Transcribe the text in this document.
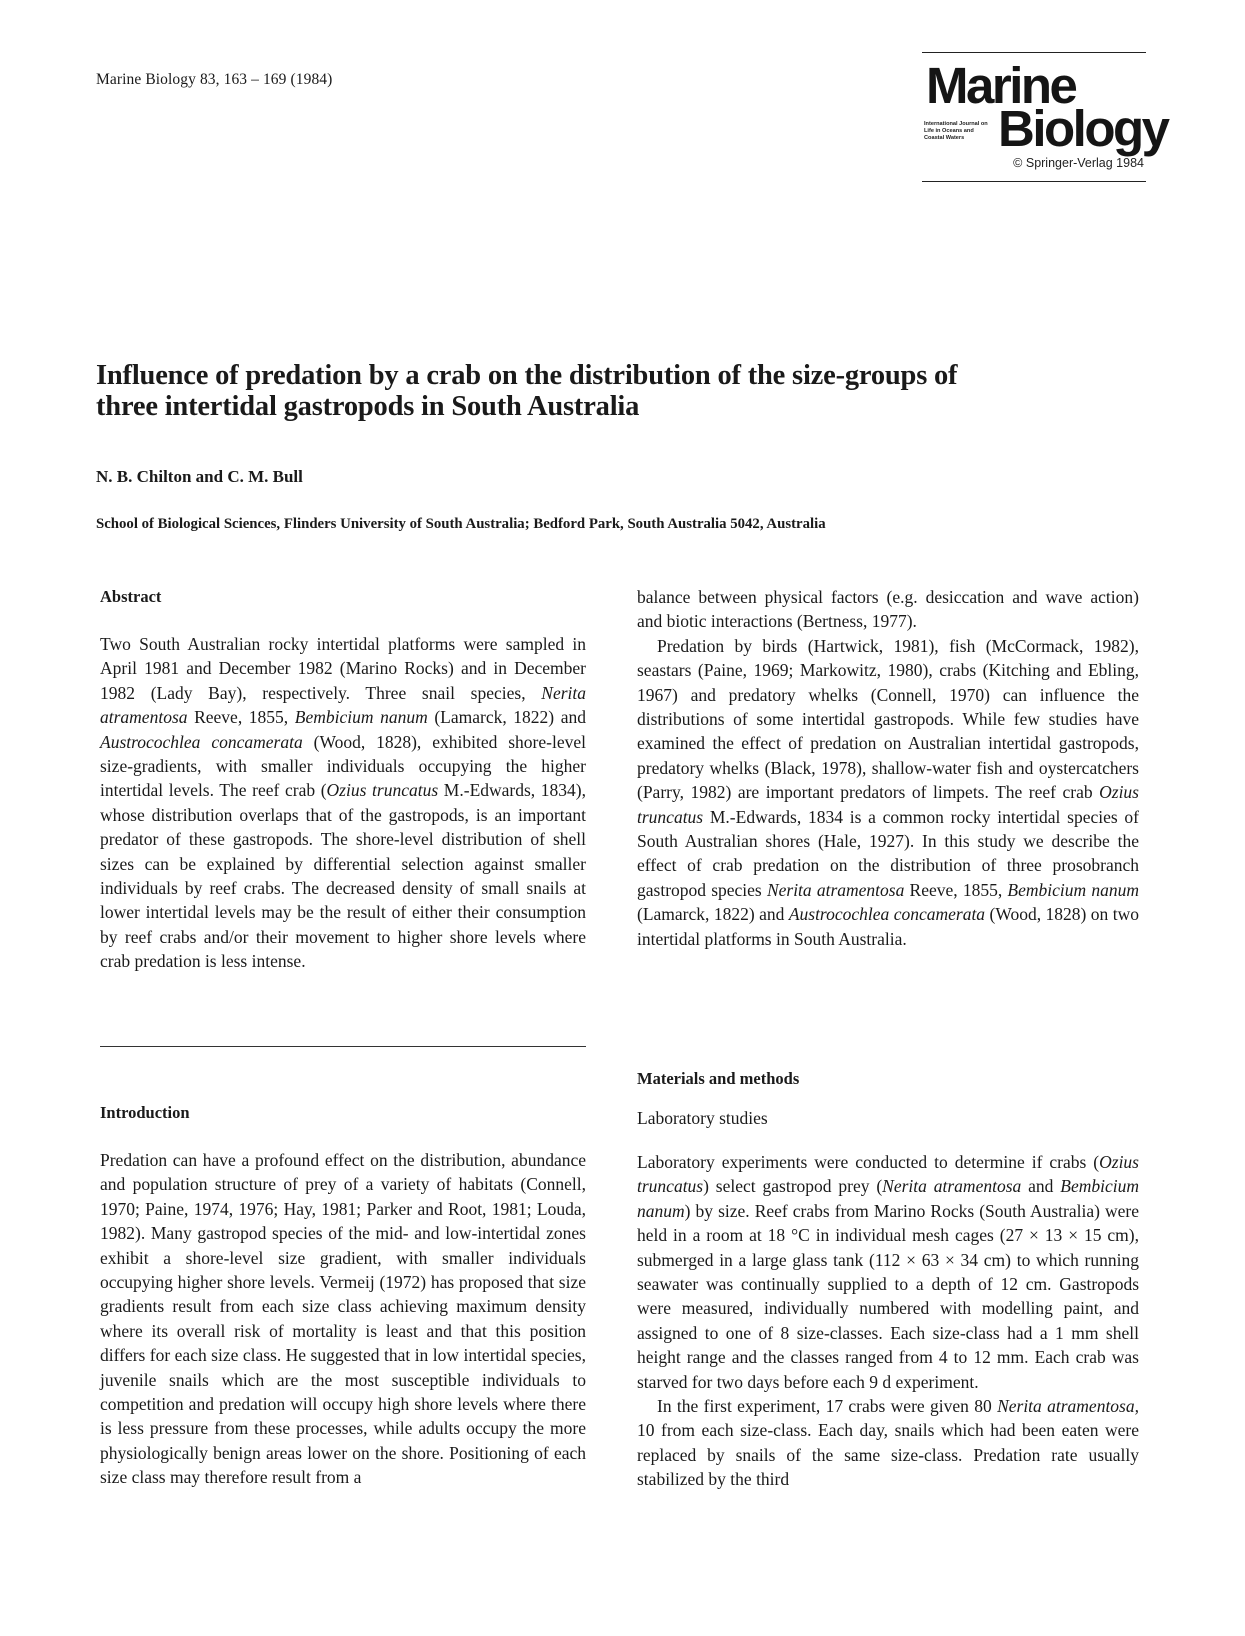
Marine Biology 83, 163 – 169 (1984)	Marine
International Journal on Life in Oceans and Coastal Waters Biology
© Springer-Verlag 1984
Influence of predation by a crab on the distribution of the size-groups of three intertidal gastropods in South Australia

N. B. Chilton and C. M. Bull

School of Biological Sciences, Flinders University of South Australia; Bedford Park, South Australia 5042, Australia

Abstract

Two South Australian rocky intertidal platforms were sampled in April 1981 and December 1982 (Marino Rocks) and in December 1982 (Lady Bay), respectively. Three snail species, Nerita atramentosa Reeve, 1855, Bembicium nanum (Lamarck, 1822) and Austrocochlea concamerata (Wood, 1828), exhibited shore-level size-gradients, with smaller individuals occupying the higher intertidal levels. The reef crab (Ozius truncatus M.-Edwards, 1834), whose distribution overlaps that of the gastropods, is an important predator of these gastropods. The shore-level distribution of shell sizes can be explained by differential selection against smaller individuals by reef crabs. The decreased density of small snails at lower intertidal levels may be the result of either their consumption by reef crabs and/or their movement to higher shore levels where crab predation is less intense.

Introduction

Predation can have a profound effect on the distribution, abundance and population structure of prey of a variety of habitats (Connell, 1970; Paine, 1974, 1976; Hay, 1981; Parker and Root, 1981; Louda, 1982). Many gastropod species of the mid- and low-intertidal zones exhibit a shore-level size gradient, with smaller individuals occupying higher shore levels. Vermeij (1972) has proposed that size gradients result from each size class achieving maximum density where its overall risk of mortality is least and that this position differs for each size class. He suggested that in low intertidal species, juvenile snails which are the most susceptible individuals to competition and predation will occupy high shore levels where there is less pressure from these processes, while adults occupy the more physiologically benign areas lower on the shore. Positioning of each size class may therefore result from a

balance between physical factors (e.g. desiccation and wave action) and biotic interactions (Bertness, 1977).

Predation by birds (Hartwick, 1981), fish (McCormack, 1982), seastars (Paine, 1969; Markowitz, 1980), crabs (Kitching and Ebling, 1967) and predatory whelks (Connell, 1970) can influence the distributions of some intertidal gastropods. While few studies have examined the effect of predation on Australian intertidal gastropods, predatory whelks (Black, 1978), shallow-water fish and oystercatchers (Parry, 1982) are important predators of limpets. The reef crab Ozius truncatus M.-Edwards, 1834 is a common rocky intertidal species of South Australian shores (Hale, 1927). In this study we describe the effect of crab predation on the distribution of three prosobranch gastropod species Nerita atramentosa Reeve, 1855, Bembicium nanum (Lamarck, 1822) and Austrocochlea concamerata (Wood, 1828) on two intertidal platforms in South Australia.

Materials and methods

Laboratory studies

Laboratory experiments were conducted to determine if crabs (Ozius truncatus) select gastropod prey (Nerita atramentosa and Bembicium nanum) by size. Reef crabs from Marino Rocks (South Australia) were held in a room at 18 °C in individual mesh cages (27 × 13 × 15 cm), submerged in a large glass tank (112 × 63 × 34 cm) to which running seawater was continually supplied to a depth of 12 cm. Gastropods were measured, individually numbered with modelling paint, and assigned to one of 8 size-classes. Each size-class had a 1 mm shell height range and the classes ranged from 4 to 12 mm. Each crab was starved for two days before each 9 d experiment.

In the first experiment, 17 crabs were given 80 Nerita atramentosa, 10 from each size-class. Each day, snails which had been eaten were replaced by snails of the same size-class. Predation rate usually stabilized by the third
